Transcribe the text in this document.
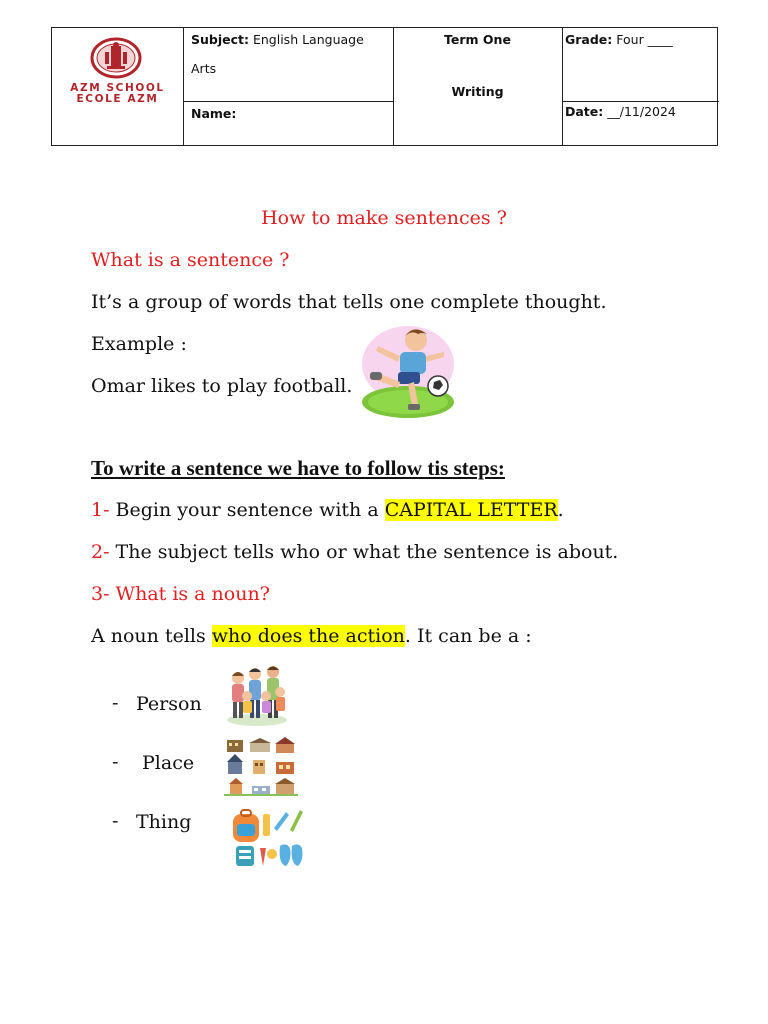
AZM SCHOOL
ECOLE AZM
Subject: English Language
Arts
Name:
Term One
Writing
Grade: Four ____
Date: __/11/2024
How to make sentences ?
What is a sentence ?
It’s a group of words that tells one complete thought.
Example :
Omar likes to play football.
To write a sentence we have to follow tis steps:
1- Begin your sentence with a CAPITAL LETTER.
2- The subject tells who or what the sentence is about.
3- What is a noun?
A noun tells who does the action. It can be a :
- Person
- Place
- Thing
